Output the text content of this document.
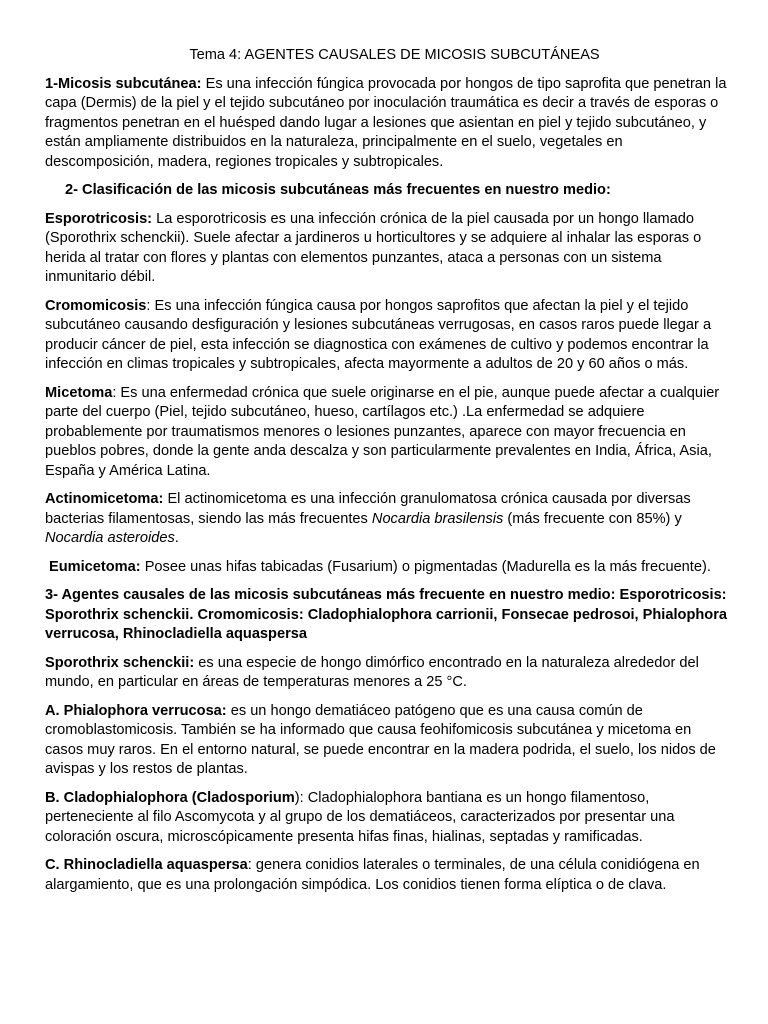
Tema 4: AGENTES CAUSALES DE MICOSIS SUBCUTÁNEAS

1-Micosis subcutánea: Es una infección fúngica provocada por hongos de tipo saprofita que penetran la capa (Dermis) de la piel y el tejido subcutáneo por inoculación traumática es decir a través de esporas o fragmentos penetran en el huésped dando lugar a lesiones que asientan en piel y tejido subcutáneo, y están ampliamente distribuidos en la naturaleza, principalmente en el suelo, vegetales en descomposición, madera, regiones tropicales y subtropicales.

2- Clasificación de las micosis subcutáneas más frecuentes en nuestro medio:

Esporotricosis: La esporotricosis es una infección crónica de la piel causada por un hongo llamado (Sporothrix schenckii). Suele afectar a jardineros u horticultores y se adquiere al inhalar las esporas o herida al tratar con flores y plantas con elementos punzantes, ataca a personas con un sistema inmunitario débil.

Cromomicosis: Es una infección fúngica causa por hongos saprofitos que afectan la piel y el tejido subcutáneo causando desfiguración y lesiones subcutáneas verrugosas, en casos raros puede llegar a producir cáncer de piel, esta infección se diagnostica con exámenes de cultivo y podemos encontrar la infección en climas tropicales y subtropicales, afecta mayormente a adultos de 20 y 60 años o más.

Micetoma: Es una enfermedad crónica que suele originarse en el pie, aunque puede afectar a cualquier parte del cuerpo (Piel, tejido subcutáneo, hueso, cartílagos etc.) .La enfermedad se adquiere probablemente por traumatismos menores o lesiones punzantes, aparece con mayor frecuencia en pueblos pobres, donde la gente anda descalza y son particularmente prevalentes en India, África, Asia, España y América Latina.

Actinomicetoma: El actinomicetoma es una infección granulomatosa crónica causada por diversas bacterias filamentosas, siendo las más frecuentes Nocardia brasilensis (más frecuente con 85%) y Nocardia asteroides.

Eumicetoma: Posee unas hifas tabicadas (Fusarium) o pigmentadas (Madurella es la más frecuente).

3- Agentes causales de las micosis subcutáneas más frecuente en nuestro medio: Esporotricosis: Sporothrix schenckii. Cromomicosis: Cladophialophora carrionii, Fonsecae pedrosoi, Phialophora verrucosa, Rhinocladiella aquaspersa

Sporothrix schenckii: es una especie de hongo dimórfico encontrado en la naturaleza alrededor del mundo, en particular en áreas de temperaturas menores a 25 °C.

A. Phialophora verrucosa: es un hongo dematiáceo patógeno que es una causa común de cromoblastomicosis. También se ha informado que causa feohifomicosis subcutánea y micetoma en casos muy raros. En el entorno natural, se puede encontrar en la madera podrida, el suelo, los nidos de avispas y los restos de plantas.

B. Cladophialophora (Cladosporium): Cladophialophora bantiana es un hongo filamentoso, perteneciente al filo Ascomycota y al grupo de los dematiáceos, caracterizados por presentar una coloración oscura, microscópicamente presenta hifas finas, hialinas, septadas y ramificadas.

C. Rhinocladiella aquaspersa: genera conidios laterales o terminales, de una célula conidiógena en alargamiento, que es una prolongación simpódica. Los conidios tienen forma elíptica o de clava.
